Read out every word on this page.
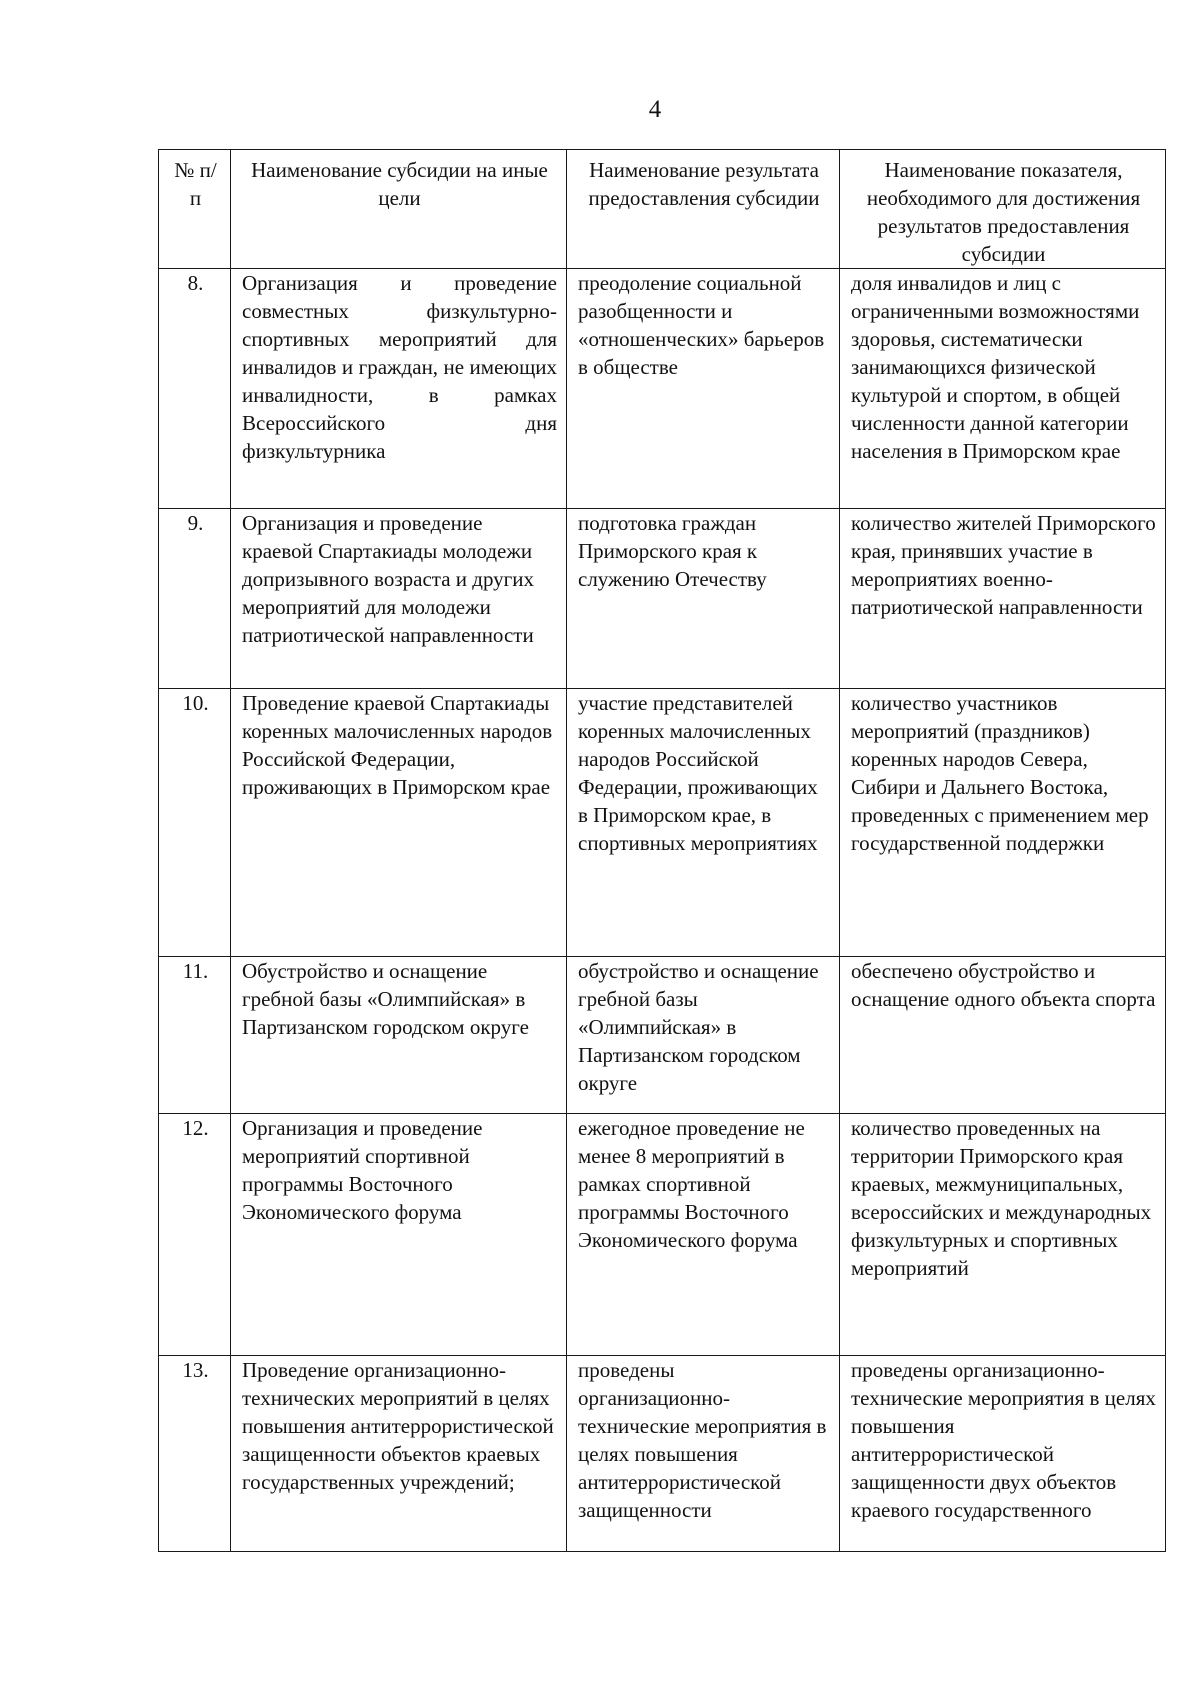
4
№ п/п	Наименование субсидии на иные цели	Наименование результата предоставления субсидии	Наименование показателя, необходимого для достижения результатов предоставления субсидии
8.	Организация и проведение совместных физкультурно-спортивных мероприятий для инвалидов и граждан, не имеющих инвалидности, в рамках Всероссийского дня физкультурника	преодоление социальной разобщенности и «отношенческих» барьеров в обществе	доля инвалидов и лиц с ограниченными возможностями здоровья, систематически занимающихся физической культурой и спортом, в общей численности данной категории населения в Приморском крае
9.	Организация и проведение краевой Спартакиады молодежи допризывного возраста и других мероприятий для молодежи патриотической направленности	подготовка граждан Приморского края к служению Отечеству	количество жителей Приморского края, принявших участие в мероприятиях военно-патриотической направленности
10.	Проведение краевой Спартакиады коренных малочисленных народов Российской Федерации, проживающих в Приморском крае	участие представителей коренных малочисленных народов Российской Федерации, проживающих в Приморском крае, в спортивных мероприятиях	количество участников мероприятий (праздников) коренных народов Севера, Сибири и Дальнего Востока, проведенных с применением мер государственной поддержки
11.	Обустройство и оснащение гребной базы «Олимпийская» в Партизанском городском округе	обустройство и оснащение гребной базы «Олимпийская» в Партизанском городском округе	обеспечено обустройство и оснащение одного объекта спорта
12.	Организация и проведение мероприятий спортивной программы Восточного Экономического форума	ежегодное проведение не менее 8 мероприятий в рамках спортивной программы Восточного Экономического форума	количество проведенных на территории Приморского края краевых, межмуниципальных, всероссийских и международных физкультурных и спортивных мероприятий
13.	Проведение организационно-технических мероприятий в целях повышения антитеррористической защищенности объектов краевых государственных учреждений;	проведены организационно-технические мероприятия в целях повышения антитеррористической защищенности	проведены организационно-технические мероприятия в целях повышения антитеррористической защищенности двух объектов краевого государственного
